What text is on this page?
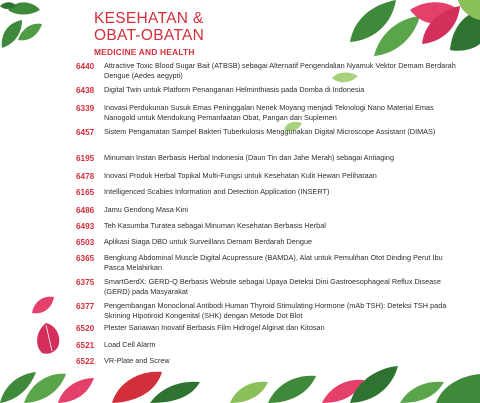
KESEHATAN &
OBAT-OBATAN
MEDICINE AND HEALTH
6440	Attractive Toxic Blood Sugar Bait (ATBSB) sebagai Alternatif Pengendalian Nyamuk Vektor Demam Berdarah Dengue (Aedes aegypti)
6438	Digital Twin untuk Platform Penanganan Helminthiasis pada Domba di Indonesia
6339	Inovasi Perdukunan Susuk Emas Peninggalan Nenek Moyang menjadi Teknologi Nano Material Emas Nanogold untuk Mendukung Pemanfaatan Obat, Pangan dan Suplemen
6457	Sistem Pengamatan Sampel Bakteri Tuberkulosis Menggunakan Digital Microscope Assistant (DIMAS)
6195	Minuman Instan Berbasis Herbal Indonesia (Daun Tin dan Jahe Merah) sebagai Antiaging
6478	Inovasi Produk Herbal Topikal Multi-Fungsi untuk Kesehatan Kulit Hewan Peliharaan
6165	Intelligenced Scabies Information and Detection Application (INSERT)
6486	Jamu Gendong Masa Kini
6493	Teh Kasumba Turatea sebagai Minuman Kesehatan Berbasis Herbal
6503	Aplikasi Siaga DBD untuk Surveillans Demam Berdarah Dengue
6365	Bengkung Abdominal Muscle Digital Acupressure (BAMDA), Alat untuk Pemulihan Otot Dinding Perut Ibu Pasca Melahirkan
6375	SmartGerdX: GERD-Q Berbasis Website sebagai Upaya Deteksi Dini Gastroesophageal Reflux Disease (GERD) pada Masyarakat
6377	Pengembangan Monoclonal Antibodi Human Thyroid Stimulating Hormone (mAb TSH): Deteksi TSH pada Skrining Hipotiroid Kongenital (SHK) dengan Metode Dot Blot
6520	Plester Sariawan Inovatif Berbasis Film Hidrogel Alginat dan Kitosan
6521	Load Cell Alarm
6522	VR-Plate and Screw
